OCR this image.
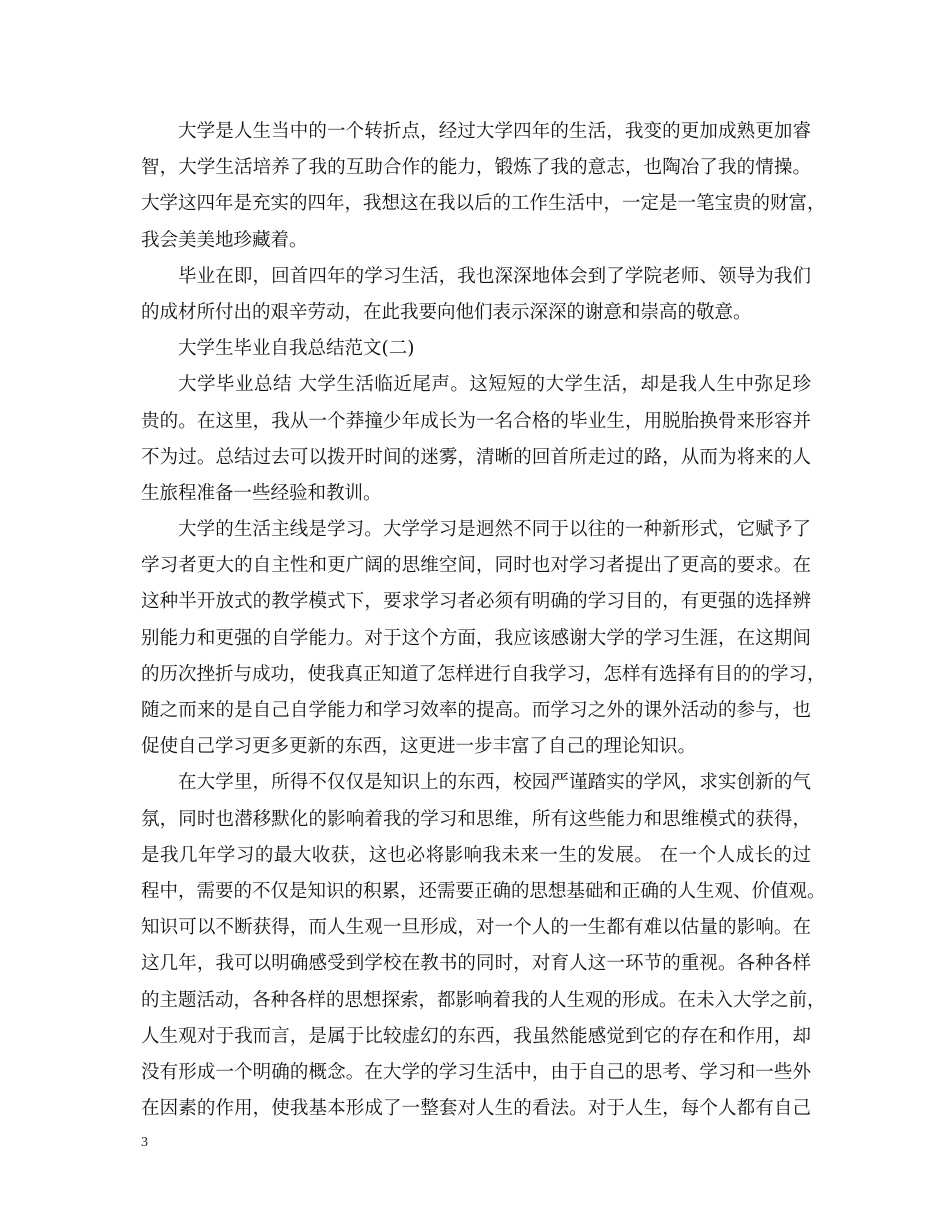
大学是人生当中的一个转折点，经过大学四年的生活，我变的更加成熟更加睿
智，大学生活培养了我的互助合作的能力，锻炼了我的意志，也陶冶了我的情操。
大学这四年是充实的四年，我想这在我以后的工作生活中，一定是一笔宝贵的财富，
我会美美地珍藏着。
毕业在即，回首四年的学习生活，我也深深地体会到了学院老师、领导为我们
的成材所付出的艰辛劳动，在此我要向他们表示深深的谢意和崇高的敬意。
大学生毕业自我总结范文(二)
大学毕业总结 大学生活临近尾声。这短短的大学生活，却是我人生中弥足珍
贵的。在这里，我从一个莽撞少年成长为一名合格的毕业生，用脱胎换骨来形容并
不为过。总结过去可以拨开时间的迷雾，清晰的回首所走过的路，从而为将来的人
生旅程准备一些经验和教训。
大学的生活主线是学习。大学学习是迥然不同于以往的一种新形式，它赋予了
学习者更大的自主性和更广阔的思维空间，同时也对学习者提出了更高的要求。在
这种半开放式的教学模式下，要求学习者必须有明确的学习目的，有更强的选择辨
别能力和更强的自学能力。对于这个方面，我应该感谢大学的学习生涯，在这期间
的历次挫折与成功，使我真正知道了怎样进行自我学习，怎样有选择有目的的学习，
随之而来的是自己自学能力和学习效率的提高。而学习之外的课外活动的参与，也
促使自己学习更多更新的东西，这更进一步丰富了自己的理论知识。
在大学里，所得不仅仅是知识上的东西，校园严谨踏实的学风，求实创新的气
氛，同时也潜移默化的影响着我的学习和思维，所有这些能力和思维模式的获得，
是我几年学习的最大收获，这也必将影响我未来一生的发展。 在一个人成长的过
程中，需要的不仅是知识的积累，还需要正确的思想基础和正确的人生观、价值观。
知识可以不断获得，而人生观一旦形成，对一个人的一生都有难以估量的影响。在
这几年，我可以明确感受到学校在教书的同时，对育人这一环节的重视。各种各样
的主题活动，各种各样的思想探索，都影响着我的人生观的形成。在未入大学之前，
人生观对于我而言，是属于比较虚幻的东西，我虽然能感觉到它的存在和作用，却
没有形成一个明确的概念。在大学的学习生活中，由于自己的思考、学习和一些外
在因素的作用，使我基本形成了一整套对人生的看法。对于人生，每个人都有自己
3
